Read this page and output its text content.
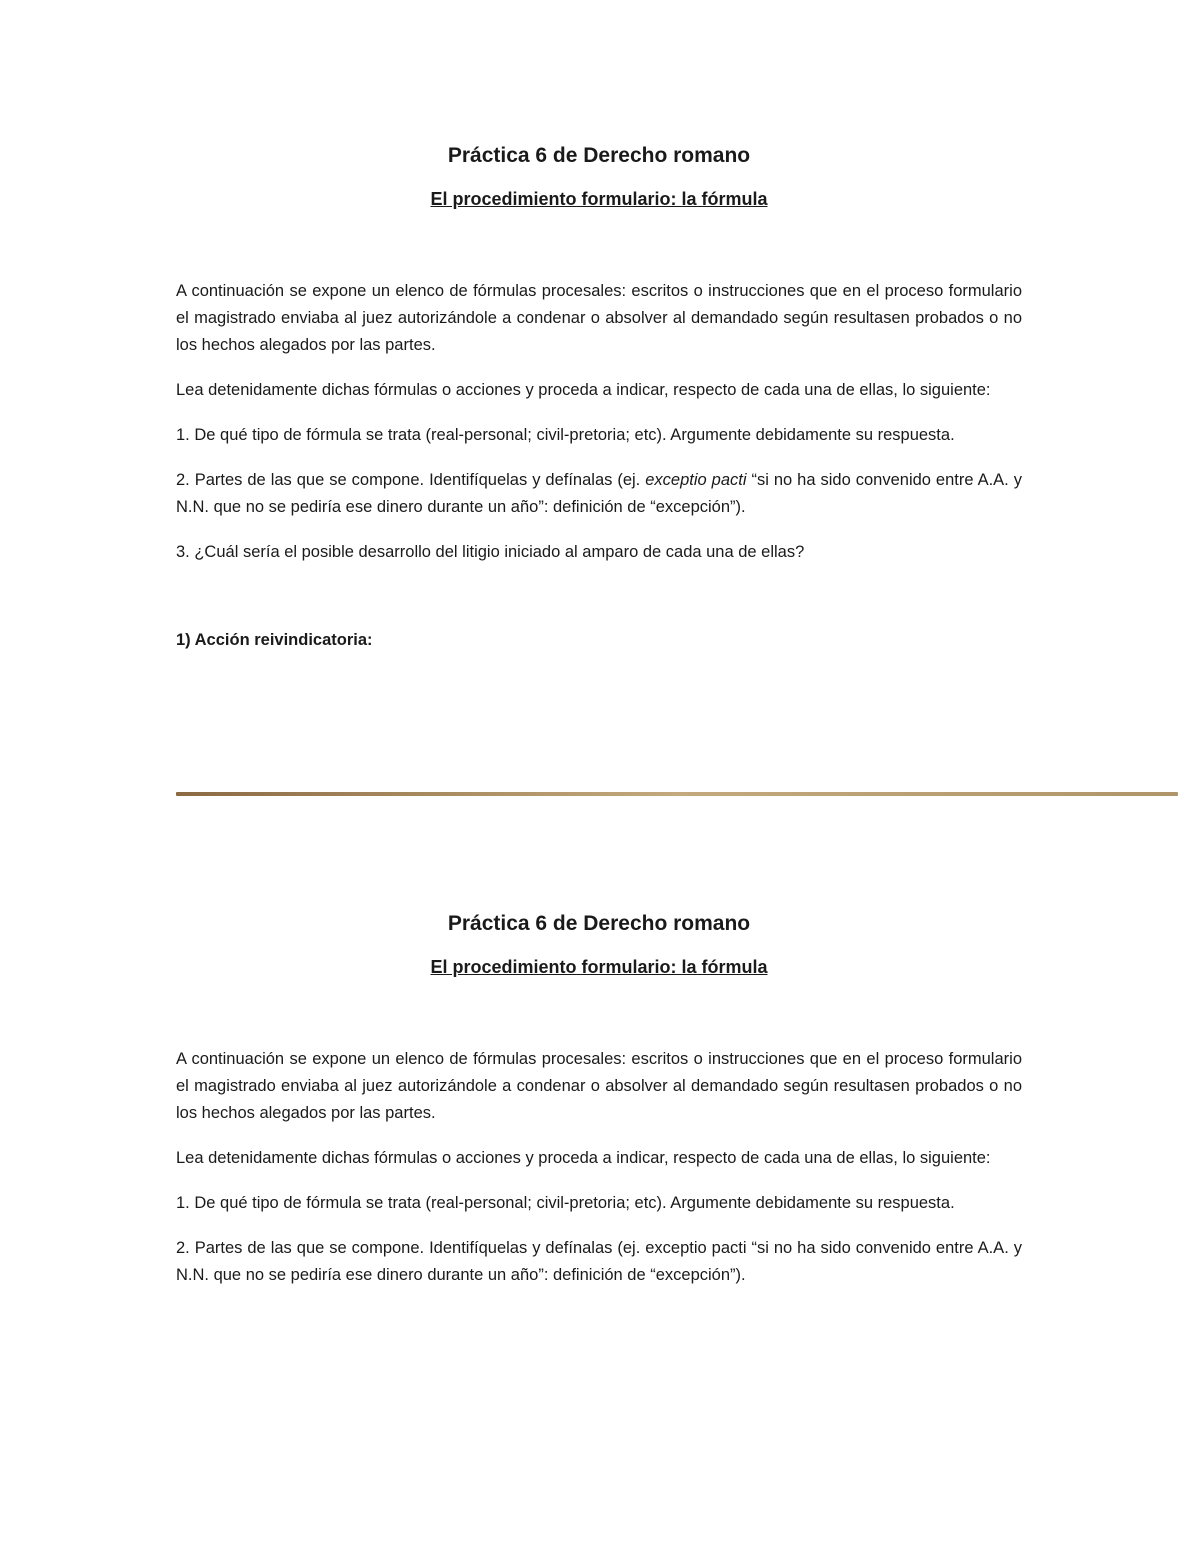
Práctica 6 de Derecho romano
El procedimiento formulario: la fórmula

A continuación se expone un elenco de fórmulas procesales: escritos o instrucciones que en el proceso formulario el magistrado enviaba al juez autorizándole a condenar o absolver al demandado según resultasen probados o no los hechos alegados por las partes.

Lea detenidamente dichas fórmulas o acciones y proceda a indicar, respecto de cada una de ellas, lo siguiente:

1. De qué tipo de fórmula se trata (real-personal; civil-pretoria; etc). Argumente debidamente su respuesta.

2. Partes de las que se compone. Identifíquelas y defínalas (ej. exceptio pacti “si no ha sido convenido entre A.A. y N.N. que no se pediría ese dinero durante un año”: definición de “excepción”).

3. ¿Cuál sería el posible desarrollo del litigio iniciado al amparo de cada una de ellas?

1) Acción reivindicatoria:
Práctica 6 de Derecho romano
El procedimiento formulario: la fórmula

A continuación se expone un elenco de fórmulas procesales: escritos o instrucciones que en el proceso formulario el magistrado enviaba al juez autorizándole a condenar o absolver al demandado según resultasen probados o no los hechos alegados por las partes.

Lea detenidamente dichas fórmulas o acciones y proceda a indicar, respecto de cada una de ellas, lo siguiente:

1. De qué tipo de fórmula se trata (real-personal; civil-pretoria; etc). Argumente debidamente su respuesta.

2. Partes de las que se compone. Identifíquelas y defínalas (ej. exceptio pacti “si no ha sido convenido entre A.A. y N.N. que no se pediría ese dinero durante un año”: definición de “excepción”).
